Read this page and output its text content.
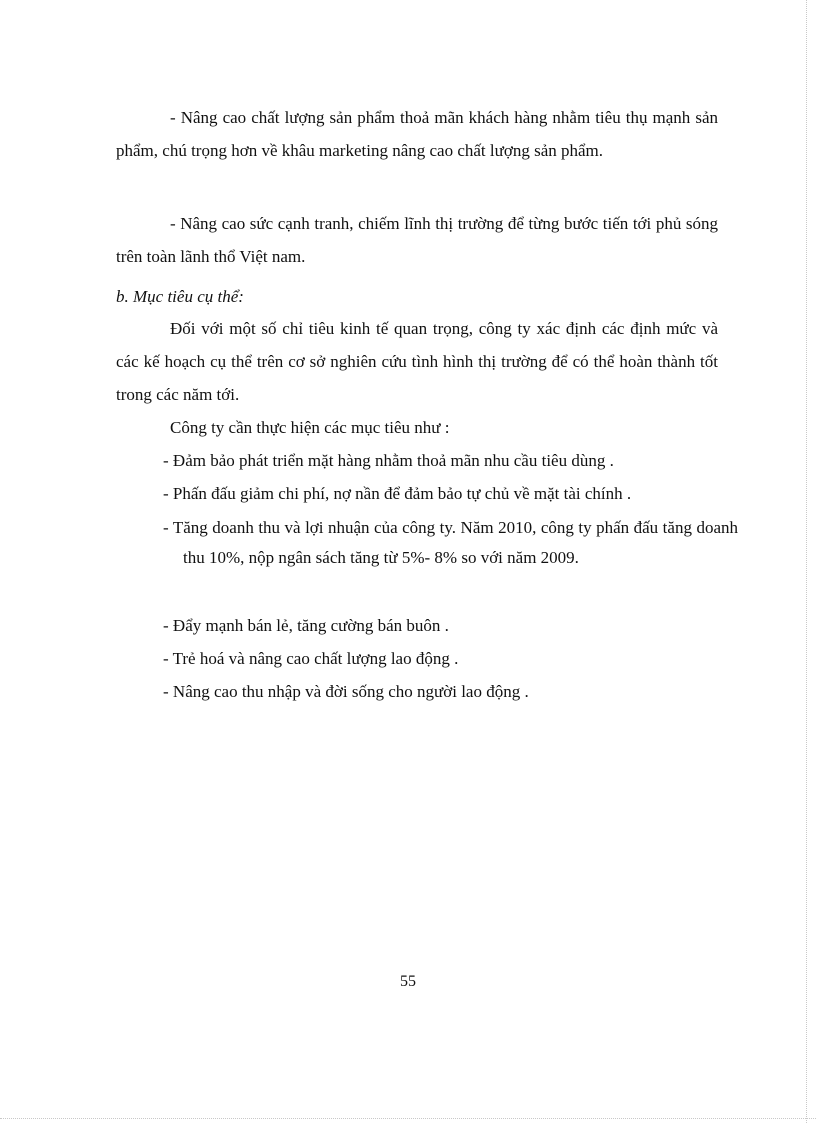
- Nâng cao chất lượng sản phẩm thoả mãn khách hàng nhằm tiêu thụ mạnh sản phẩm, chú trọng hơn về khâu marketing nâng cao chất lượng sản phẩm.

- Nâng cao sức cạnh tranh, chiếm lĩnh thị trường để từng bước tiến tới phủ sóng trên toàn lãnh thổ Việt nam.

b. Mục tiêu cụ thể:

Đối với một số chỉ tiêu kinh tế quan trọng, công ty xác định các định mức và các kế hoạch cụ thể trên cơ sở nghiên cứu tình hình thị trường để có thể hoàn thành tốt trong các năm tới.

Công ty cần thực hiện các mục tiêu như :

- Đảm bảo phát triển mặt hàng nhằm thoả mãn nhu cầu tiêu dùng .

- Phấn đấu giảm chi phí, nợ nần để đảm bảo tự chủ về mặt tài chính .

- Tăng doanh thu và lợi nhuận của công ty. Năm 2010, công ty phấn đấu tăng doanh thu 10%, nộp ngân sách tăng từ 5%- 8% so với năm 2009.

- Đẩy mạnh bán lẻ, tăng cường bán buôn .

- Trẻ hoá và nâng cao chất lượng lao động .

- Nâng cao thu nhập và đời sống cho người lao động .

55
